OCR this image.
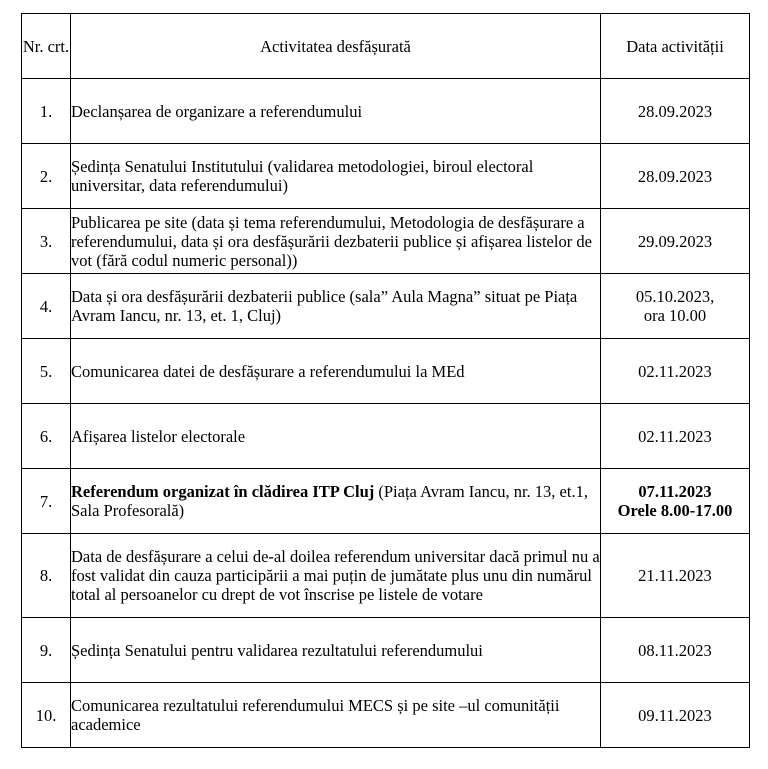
Nr. crt.	Activitatea desfășurată	Data activității
1.	Declanșarea de organizare a referendumului	28.09.2023
2.	Ședința Senatului Institutului (validarea metodologiei, biroul electoral universitar, data referendumului)	28.09.2023
3.	Publicarea pe site (data și tema referendumului, Metodologia de desfășurare a referendumului, data și ora desfășurării dezbaterii publice și afișarea listelor de vot (fără codul numeric personal))	29.09.2023
4.	Data și ora desfășurării dezbaterii publice (sala” Aula Magna” situat pe Piața Avram Iancu, nr. 13, et. 1, Cluj)	05.10.2023,
ora 10.00
5.	Comunicarea datei de desfășurare a referendumului la MEd	02.11.2023
6.	Afișarea listelor electorale	02.11.2023
7.	Referendum organizat în clădirea ITP Cluj (Piața Avram Iancu, nr. 13, et.1, Sala Profesorală)	07.11.2023
Orele 8.00-17.00
8.	Data de desfășurare a celui de-al doilea referendum universitar dacă primul nu a fost validat din cauza participării a mai puțin de jumătate plus unu din numărul total al persoanelor cu drept de vot înscrise pe listele de votare	21.11.2023
9.	Ședința Senatului pentru validarea rezultatului referendumului	08.11.2023
10.	Comunicarea rezultatului referendumului MECS și pe site –ul comunității academice	09.11.2023
